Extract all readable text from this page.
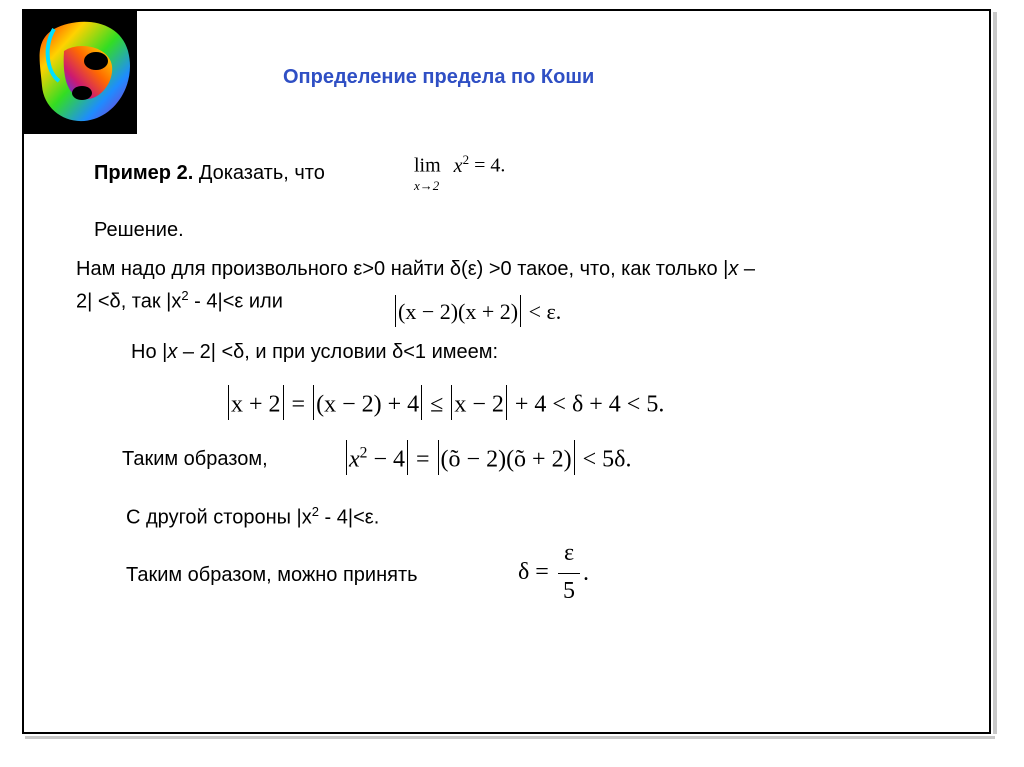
Определение предела по Коши
Пример 2. Доказать, что	$\lim x^2 = 4$.
x→2
Решение.
Нам надо для произвольного ε>0 найти δ(ε) >0 такое, что, как только |x –
2| <δ, так $|x^2 - 4|<\varepsilon$ или	(x − 2)(x + 2) < ε.
Но |x – 2| <δ, и при условии δ<1 имеем:
x + 2 = (x − 2) + 4 ≤ x − 2 + 4 < δ + 4 < 5.
Таким образом,	$x^2 - 4$ = (õ − 2)(õ + 2) < 5δ.
С другой стороны $|x^2 - 4|<\varepsilon$.
Таким образом, можно принять	δ =
ε
5
.
